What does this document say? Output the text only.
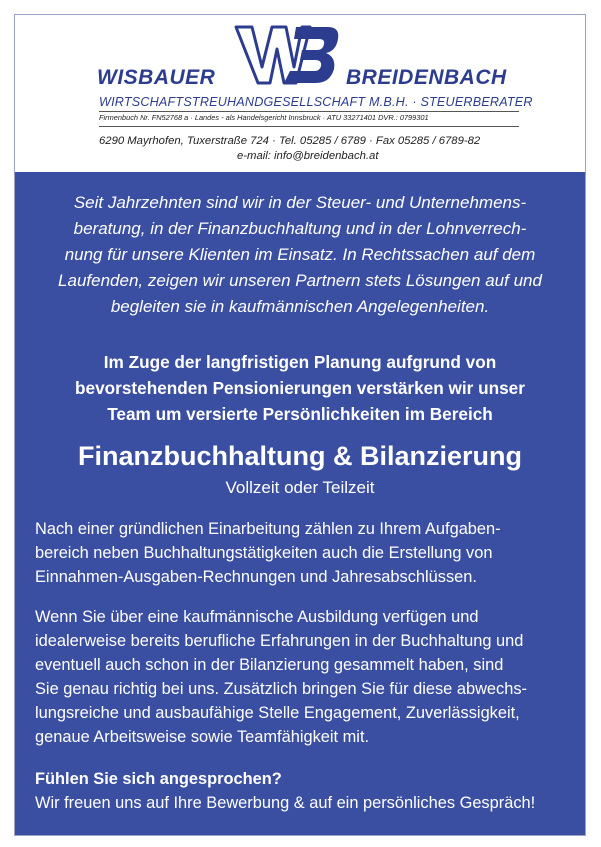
WISBAUER	BREIDENBACH
WIRTSCHAFTSTREUHANDGESELLSCHAFT M.B.H. · STEUERBERATER
Firmenbuch Nr. FN52768 a · Landes - als Handelsgericht Innsbruck · ATU 33271401 DVR.: 0799301
6290 Mayrhofen, Tuxerstraße 724 · Tel. 05285 / 6789 · Fax 05285 / 6789-82
e-mail: info@breidenbach.at

Seit Jahrzehnten sind wir in der Steuer- und Unternehmens-
beratung, in der Finanzbuchhaltung und in der Lohnverrech-
nung für unsere Klienten im Einsatz. In Rechtssachen auf dem
Laufenden, zeigen wir unseren Partnern stets Lösungen auf und
begleiten sie in kaufmännischen Angelegenheiten.

Im Zuge der langfristigen Planung aufgrund von
bevorstehenden Pensionierungen verstärken wir unser
Team um versierte Persönlichkeiten im Bereich

Finanzbuchhaltung & Bilanzierung
Vollzeit oder Teilzeit

Nach einer gründlichen Einarbeitung zählen zu Ihrem Aufgaben-
bereich neben Buchhaltungstätigkeiten auch die Erstellung von
Einnahmen-Ausgaben-Rechnungen und Jahresabschlüssen.

Wenn Sie über eine kaufmännische Ausbildung verfügen und
idealerweise bereits berufliche Erfahrungen in der Buchhaltung und
eventuell auch schon in der Bilanzierung gesammelt haben, sind
Sie genau richtig bei uns. Zusätzlich bringen Sie für diese abwechs-
lungsreiche und ausbaufähige Stelle Engagement, Zuverlässigkeit,
genaue Arbeitsweise sowie Teamfähigkeit mit.

Fühlen Sie sich angesprochen?
Wir freuen uns auf Ihre Bewerbung & auf ein persönliches Gespräch!
